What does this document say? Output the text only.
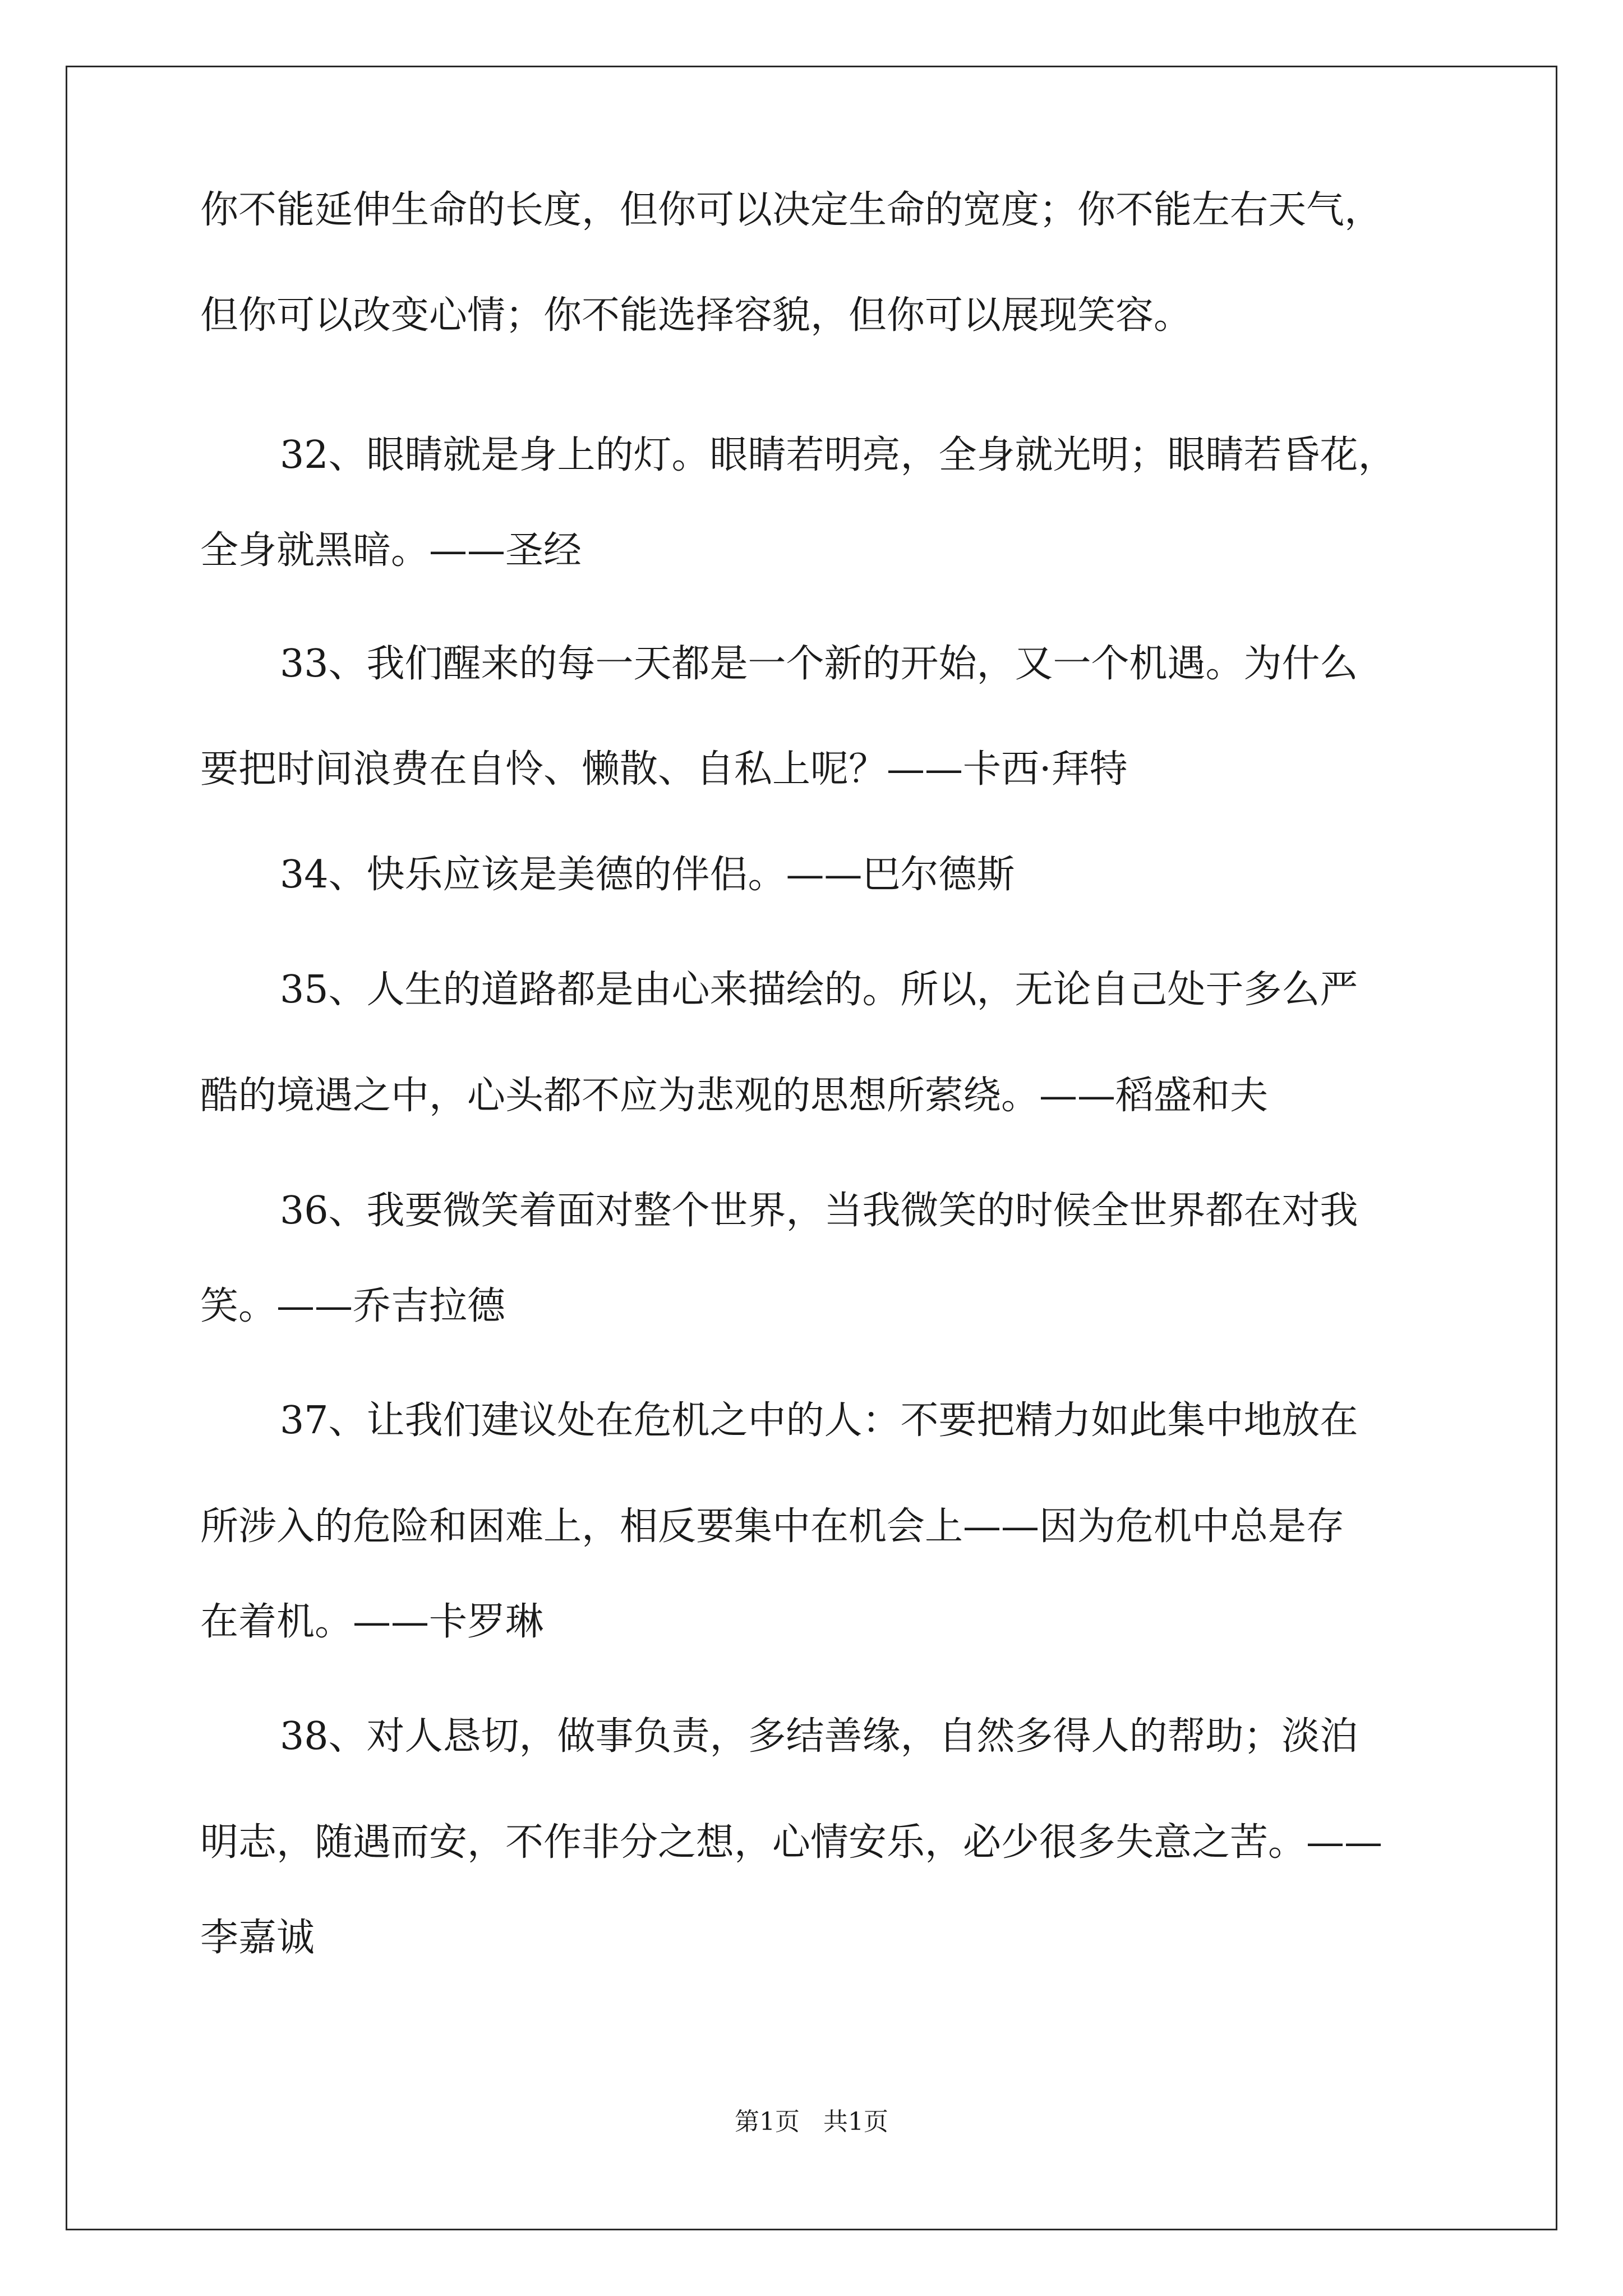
你不能延伸生命的长度，但你可以决定生命的宽度；你不能左右天气，
但你可以改变心情；你不能选择容貌，但你可以展现笑容。
32、眼睛就是身上的灯。眼睛若明亮，全身就光明；眼睛若昏花，
全身就黑暗。——圣经
33、我们醒来的每一天都是一个新的开始，又一个机遇。为什么
要把时间浪费在自怜、懒散、自私上呢？——卡西·拜特
34、快乐应该是美德的伴侣。——巴尔德斯
35、人生的道路都是由心来描绘的。所以，无论自己处于多么严
酷的境遇之中，心头都不应为悲观的思想所萦绕。——稻盛和夫
36、我要微笑着面对整个世界，当我微笑的时候全世界都在对我
笑。——乔吉拉德
37、让我们建议处在危机之中的人：不要把精力如此集中地放在
所涉入的危险和困难上，相反要集中在机会上——因为危机中总是存
在着机。——卡罗琳
38、对人恳切，做事负责，多结善缘，自然多得人的帮助；淡泊
明志，随遇而安，不作非分之想，心情安乐，必少很多失意之苦。——
李嘉诚
第1页 共1页
